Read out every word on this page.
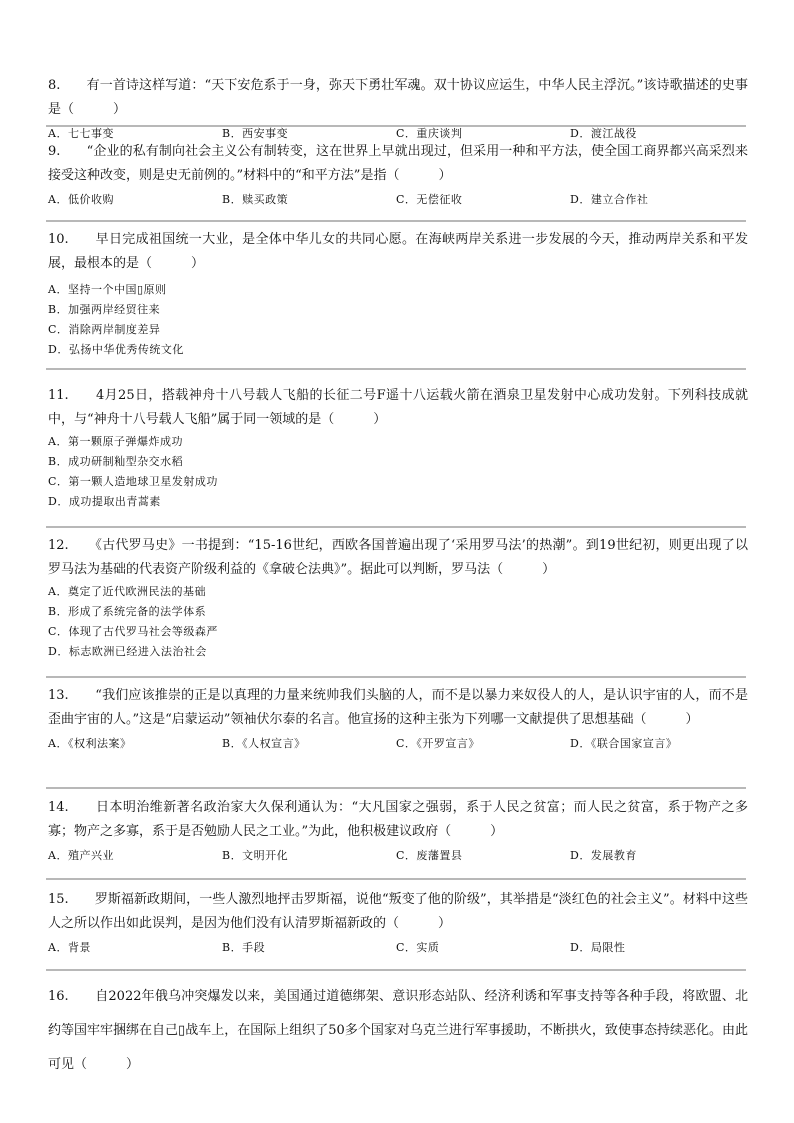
8.　　有一首诗这样写道：“天下安危系于一身，弥天下勇壮军魂。双十协议应运生，中华人民主浮沉。”该诗歌描述的史事是（　　　）
A．七七事变	B．西安事变	C．重庆谈判	D．渡江战役
9.　　“企业的私有制向社会主义公有制转变，这在世界上早就出现过，但采用一种和平方法，使全国工商界都兴高采烈来接受这种改变，则是史无前例的。”材料中的“和平方法”是指（　　　）
A．低价收购	B．赎买政策	C．无偿征收	D．建立合作社
10.　　早日完成祖国统一大业，是全体中华儿女的共同心愿。在海峡两岸关系进一步发展的今天，推动两岸关系和平发展，最根本的是（　　　）
A．坚持一个中国▯原则
B．加强两岸经贸往来
C．消除两岸制度差异
D．弘扬中华优秀传统文化
11.　　4月25日，搭载神舟十八号载人飞船的长征二号F遥十八运载火箭在酒泉卫星发射中心成功发射。下列科技成就中，与“神舟十八号载人飞船”属于同一领域的是（　　　）
A．第一颗原子弹爆炸成功
B．成功研制籼型杂交水稻
C．第一颗人造地球卫星发射成功
D．成功提取出青蒿素
12.　　《古代罗马史》一书提到：“15-16世纪，西欧各国普遍出现了‘采用罗马法’的热潮”。到19世纪初，则更出现了以罗马法为基础的代表资产阶级利益的《拿破仑法典》”。据此可以判断，罗马法（　　　）
A．奠定了近代欧洲民法的基础
B．形成了系统完备的法学体系
C．体现了古代罗马社会等级森严
D．标志欧洲已经进入法治社会
13.　　“我们应该推崇的正是以真理的力量来统帅我们头脑的人，而不是以暴力来奴役人的人，是认识宇宙的人，而不是歪曲宇宙的人。”这是“启蒙运动”领袖伏尔泰的名言。他宣扬的这种主张为下列哪一文献提供了思想基础（　　　）
A．《权利法案》	B．《人权宣言》	C．《开罗宣言》	D．《联合国家宣言》
14.　　日本明治维新著名政治家大久保利通认为：“大凡国家之强弱，系于人民之贫富；而人民之贫富，系于物产之多寡；物产之多寡，系于是否勉励人民之工业。”为此，他积极建议政府（　　　）
A．殖产兴业	B．文明开化	C．废藩置县	D．发展教育
15.　　罗斯福新政期间，一些人激烈地抨击罗斯福，说他“叛变了他的阶级”，其举措是“淡红色的社会主义”。材料中这些人之所以作出如此误判，是因为他们没有认清罗斯福新政的（　　　）
A．背景	B．手段	C．实质	D．局限性
16.　　自2022年俄乌冲突爆发以来，美国通过道德绑架、意识形态站队、经济利诱和军事支持等各种手段，将欧盟、北约等国牢牢捆绑在自己▯战车上，在国际上组织了50多个国家对乌克兰进行军事援助，不断拱火，致使事态持续恶化。由此可见（　　　）
